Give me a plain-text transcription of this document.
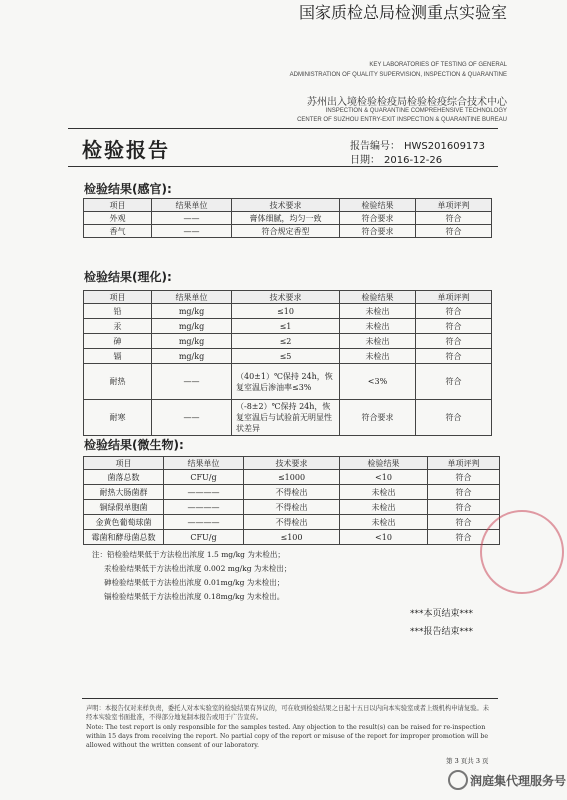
国家质检总局检测重点实验室
KEY LABORATORIES OF TESTING OF GENERAL
ADMINISTRATION OF QUALITY SUPERVISION, INSPECTION & QUARANTINE
苏州出入境检验检疫局检验检疫综合技术中心
INSPECTION & QUARANTINE COMPREHENSIVE TECHNOLOGY
CENTER OF SUZHOU ENTRY-EXIT INSPECTION & QUARANTINE BUREAU
检验报告	报告编号： HWS201609173
日期： 2016-12-26
检验结果(感官):
项目	结果单位	技术要求	检验结果	单项评判
外观	——	膏体细腻，均匀一致	符合要求	符合
香气	——	符合规定香型	符合要求	符合
检验结果(理化):
项目	结果单位	技术要求	检验结果	单项评判
铅	mg/kg	≤10	未检出	符合
汞	mg/kg	≤1	未检出	符合
砷	mg/kg	≤2	未检出	符合
镉	mg/kg	≤5	未检出	符合
耐热	——	（40±1）℃保持 24h，恢复室温后渗油率≤3%	<3%	符合
耐寒	——	（-8±2）℃保持 24h，恢复室温后与试验前无明显性状差异	符合要求	符合
检验结果(微生物):
项目	结果单位	技术要求	检验结果	单项评判
菌落总数	CFU/g	≤1000	<10	符合
耐热大肠菌群	————	不得检出	未检出	符合
铜绿假单胞菌	————	不得检出	未检出	符合
金黄色葡萄球菌	————	不得检出	未检出	符合
霉菌和酵母菌总数	CFU/g	≤100	<10	符合
注：铅检验结果低于方法检出浓度 1.5 mg/kg 为未检出；
汞检验结果低于方法检出浓度 0.002 mg/kg 为未检出；
砷检验结果低于方法检出浓度 0.01mg/kg 为未检出；
镉检验结果低于方法检出浓度 0.18mg/kg 为未检出。
***本页结束***
***报告结束***
声明：本报告仅对来样负责，委托人对本实验室的检验结果有异议的，可在收到检验结果之日起十五日以内向本实验室或者上级机构申请复验。未经本实验室书面批准，不得部分地复制本报告或用于广告宣传。
Note: The test report is only responsible for the samples tested. Any objection to the result(s) can be raised for re-inspection within 15 days from receiving the report. No partial copy of the report or misuse of the report for improper promotion will be allowed without the written consent of our laboratory.
第 3 页共 3 页
润庭集代理服务号
